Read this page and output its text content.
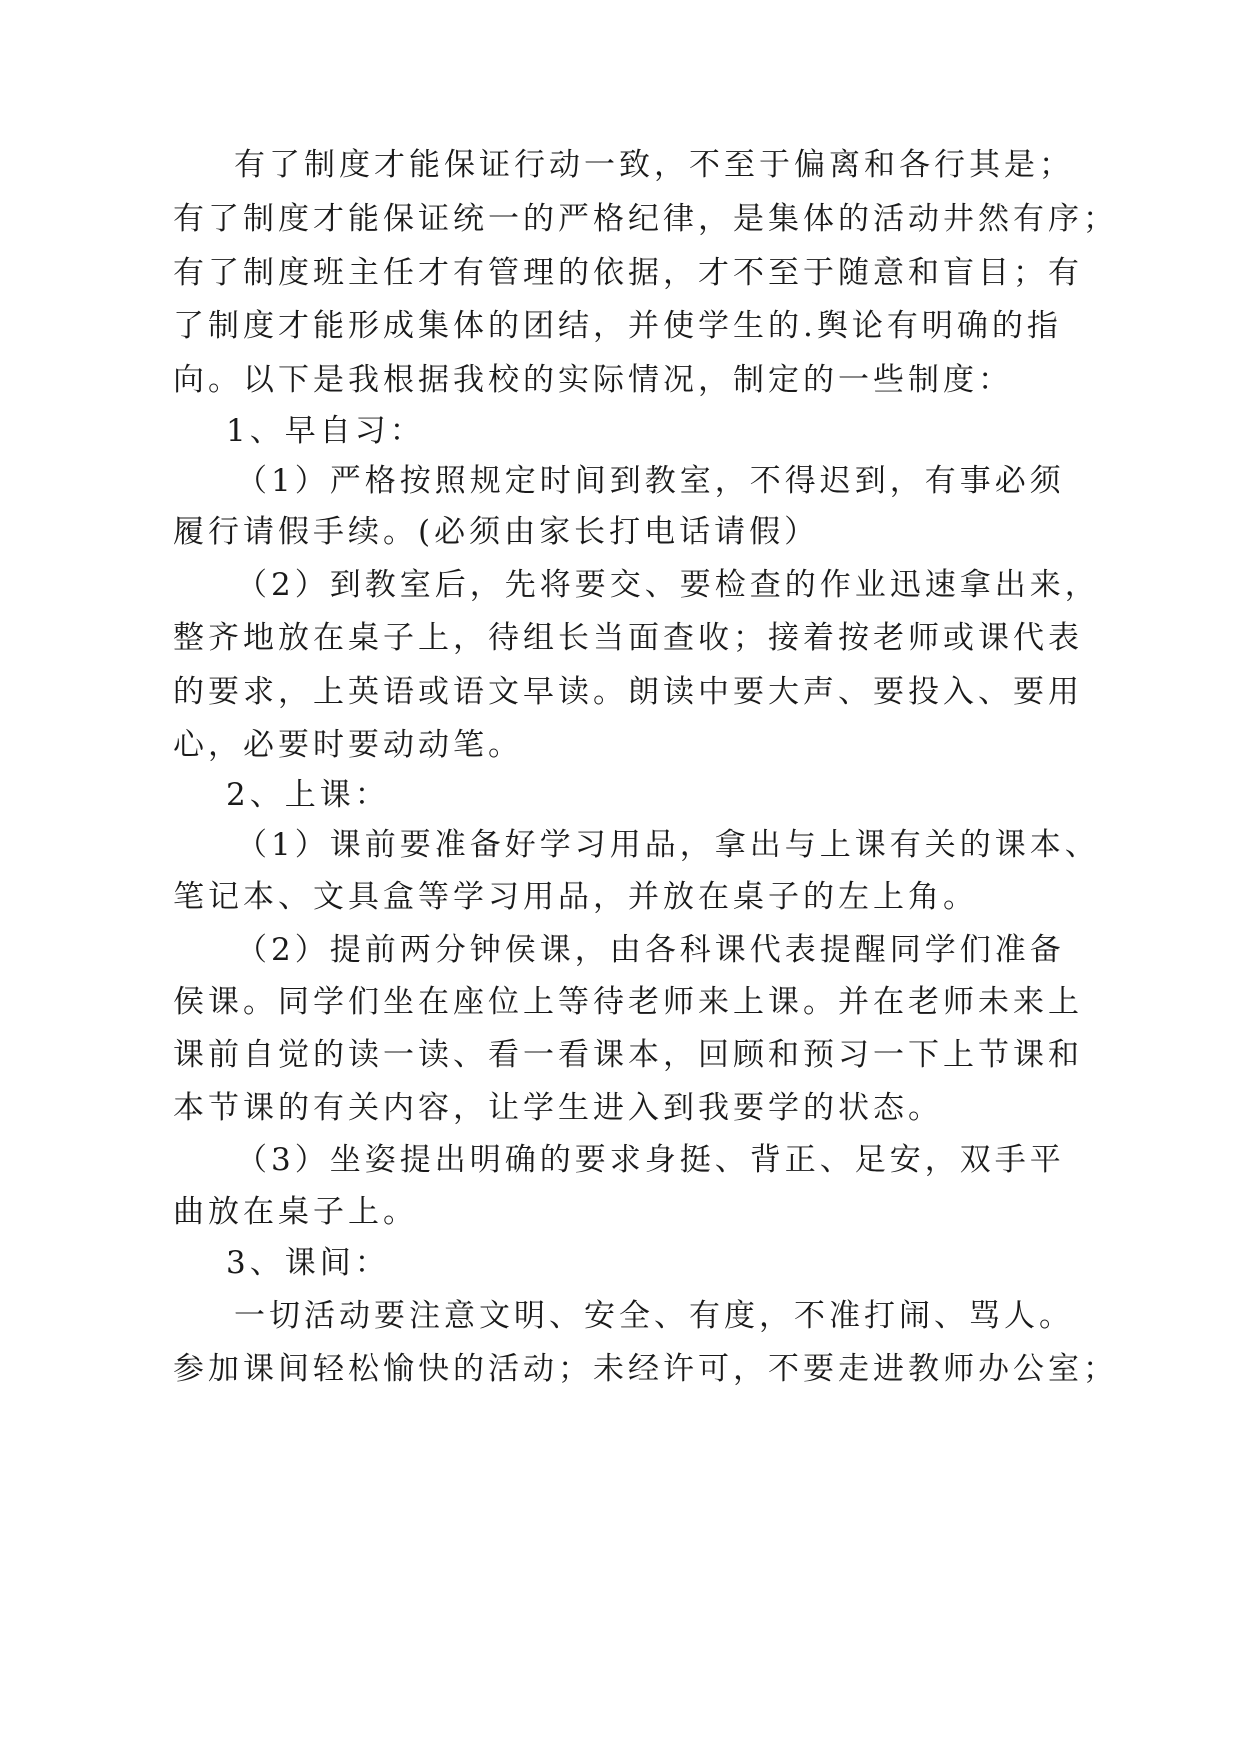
有了制度才能保证行动一致，不至于偏离和各行其是；
有了制度才能保证统一的严格纪律，是集体的活动井然有序；
有了制度班主任才有管理的依据，才不至于随意和盲目；有
了制度才能形成集体的团结，并使学生的.舆论有明确的指
向。以下是我根据我校的实际情况，制定的一些制度：
1、早自习：
（1）严格按照规定时间到教室，不得迟到，有事必须
履行请假手续。(必须由家长打电话请假）
（2）到教室后，先将要交、要检查的作业迅速拿出来，
整齐地放在桌子上，待组长当面查收；接着按老师或课代表
的要求，上英语或语文早读。朗读中要大声、要投入、要用
心，必要时要动动笔。
2、上课：
（1）课前要准备好学习用品，拿出与上课有关的课本、
笔记本、文具盒等学习用品，并放在桌子的左上角。
（2）提前两分钟侯课，由各科课代表提醒同学们准备
侯课。同学们坐在座位上等待老师来上课。并在老师未来上
课前自觉的读一读、看一看课本，回顾和预习一下上节课和
本节课的有关内容，让学生进入到我要学的状态。
（3）坐姿提出明确的要求身挺、背正、足安，双手平
曲放在桌子上。
3、课间：
一切活动要注意文明、安全、有度，不准打闹、骂人。
参加课间轻松愉快的活动；未经许可，不要走进教师办公室；
